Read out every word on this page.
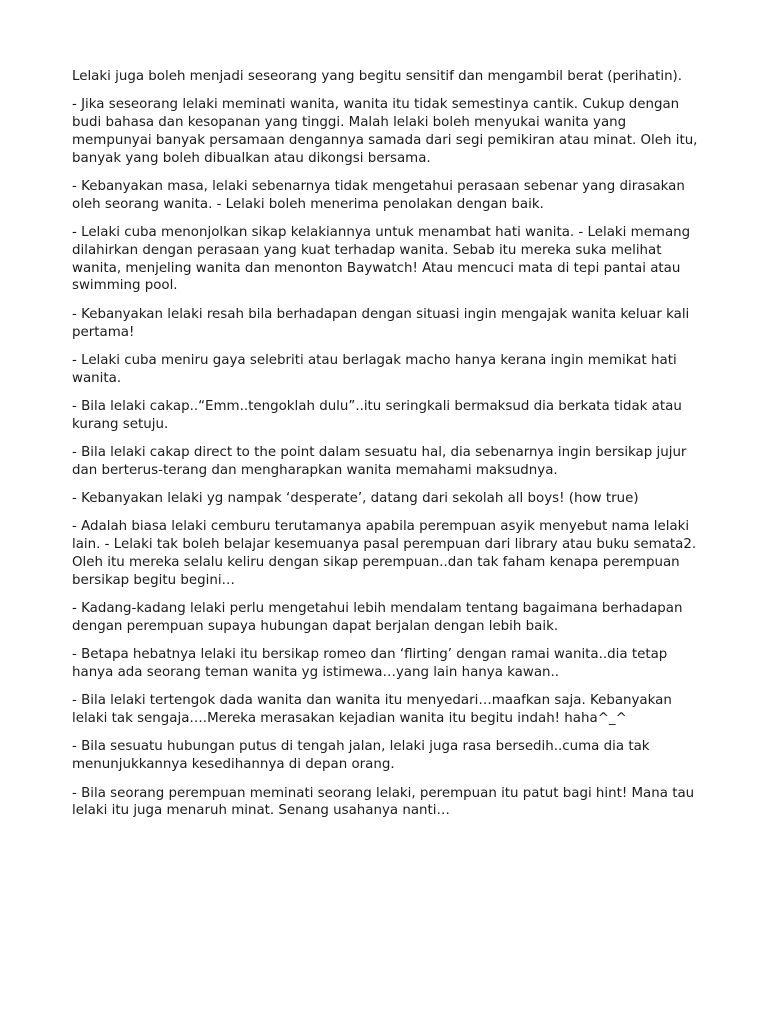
Lelaki juga boleh menjadi seseorang yang begitu sensitif dan mengambil berat (perihatin).

- Jika seseorang lelaki meminati wanita, wanita itu tidak semestinya cantik. Cukup dengan budi bahasa dan kesopanan yang tinggi. Malah lelaki boleh menyukai wanita yang mempunyai banyak persamaan dengannya samada dari segi pemikiran atau minat. Oleh itu, banyak yang boleh dibualkan atau dikongsi bersama.

- Kebanyakan masa, lelaki sebenarnya tidak mengetahui perasaan sebenar yang dirasakan oleh seorang wanita. - Lelaki boleh menerima penolakan dengan baik.

- Lelaki cuba menonjolkan sikap kelakiannya untuk menambat hati wanita. - Lelaki memang dilahirkan dengan perasaan yang kuat terhadap wanita. Sebab itu mereka suka melihat wanita, menjeling wanita dan menonton Baywatch! Atau mencuci mata di tepi pantai atau swimming pool.

- Kebanyakan lelaki resah bila berhadapan dengan situasi ingin mengajak wanita keluar kali pertama!

- Lelaki cuba meniru gaya selebriti atau berlagak macho hanya kerana ingin memikat hati wanita.

- Bila lelaki cakap..“Emm..tengoklah dulu”..itu seringkali bermaksud dia berkata tidak atau kurang setuju.

- Bila lelaki cakap direct to the point dalam sesuatu hal, dia sebenarnya ingin bersikap jujur dan berterus-terang dan mengharapkan wanita memahami maksudnya.

- Kebanyakan lelaki yg nampak ‘desperate’, datang dari sekolah all boys! (how true)

- Adalah biasa lelaki cemburu terutamanya apabila perempuan asyik menyebut nama lelaki lain. - Lelaki tak boleh belajar kesemuanya pasal perempuan dari library atau buku semata2. Oleh itu mereka selalu keliru dengan sikap perempuan..dan tak faham kenapa perempuan bersikap begitu begini…

- Kadang-kadang lelaki perlu mengetahui lebih mendalam tentang bagaimana berhadapan dengan perempuan supaya hubungan dapat berjalan dengan lebih baik.

- Betapa hebatnya lelaki itu bersikap romeo dan ‘flirting’ dengan ramai wanita..dia tetap hanya ada seorang teman wanita yg istimewa…yang lain hanya kawan..

- Bila lelaki tertengok dada wanita dan wanita itu menyedari…maafkan saja. Kebanyakan lelaki tak sengaja….Mereka merasakan kejadian wanita itu begitu indah! haha^_^

- Bila sesuatu hubungan putus di tengah jalan, lelaki juga rasa bersedih..cuma dia tak menunjukkannya kesedihannya di depan orang.

- Bila seorang perempuan meminati seorang lelaki, perempuan itu patut bagi hint! Mana tau lelaki itu juga menaruh minat. Senang usahanya nanti…
